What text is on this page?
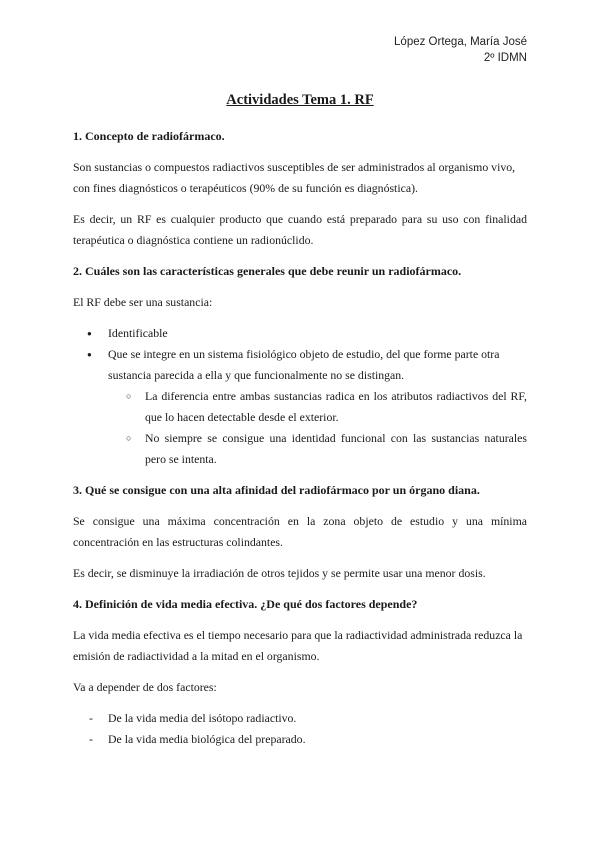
López Ortega, María José
2º IDMN
Actividades Tema 1. RF
1. Concepto de radiofármaco.

Son sustancias o compuestos radiactivos susceptibles de ser administrados al organismo vivo, con fines diagnósticos o terapéuticos (90% de su función es diagnóstica).

Es decir, un RF es cualquier producto que cuando está preparado para su uso con finalidad terapéutica o diagnóstica contiene un radionúclido.

2. Cuáles son las características generales que debe reunir un radiofármaco.

El RF debe ser una sustancia:

● Identificable
● Que se integre en un sistema fisiológico objeto de estudio, del que forme parte otra sustancia parecida a ella y que funcionalmente no se distingan.
○ La diferencia entre ambas sustancias radica en los atributos radiactivos del RF, que lo hacen detectable desde el exterior.
○ No siempre se consigue una identidad funcional con las sustancias naturales pero se intenta.
3. Qué se consigue con una alta afinidad del radiofármaco por un órgano diana.

Se consigue una máxima concentración en la zona objeto de estudio y una mínima concentración en las estructuras colindantes.

Es decir, se disminuye la irradiación de otros tejidos y se permite usar una menor dosis.

4. Definición de vida media efectiva. ¿De qué dos factores depende?

La vida media efectiva es el tiempo necesario para que la radiactividad administrada reduzca la emisión de radiactividad a la mitad en el organismo.

Va a depender de dos factores:

- De la vida media del isótopo radiactivo.
- De la vida media biológica del preparado.
